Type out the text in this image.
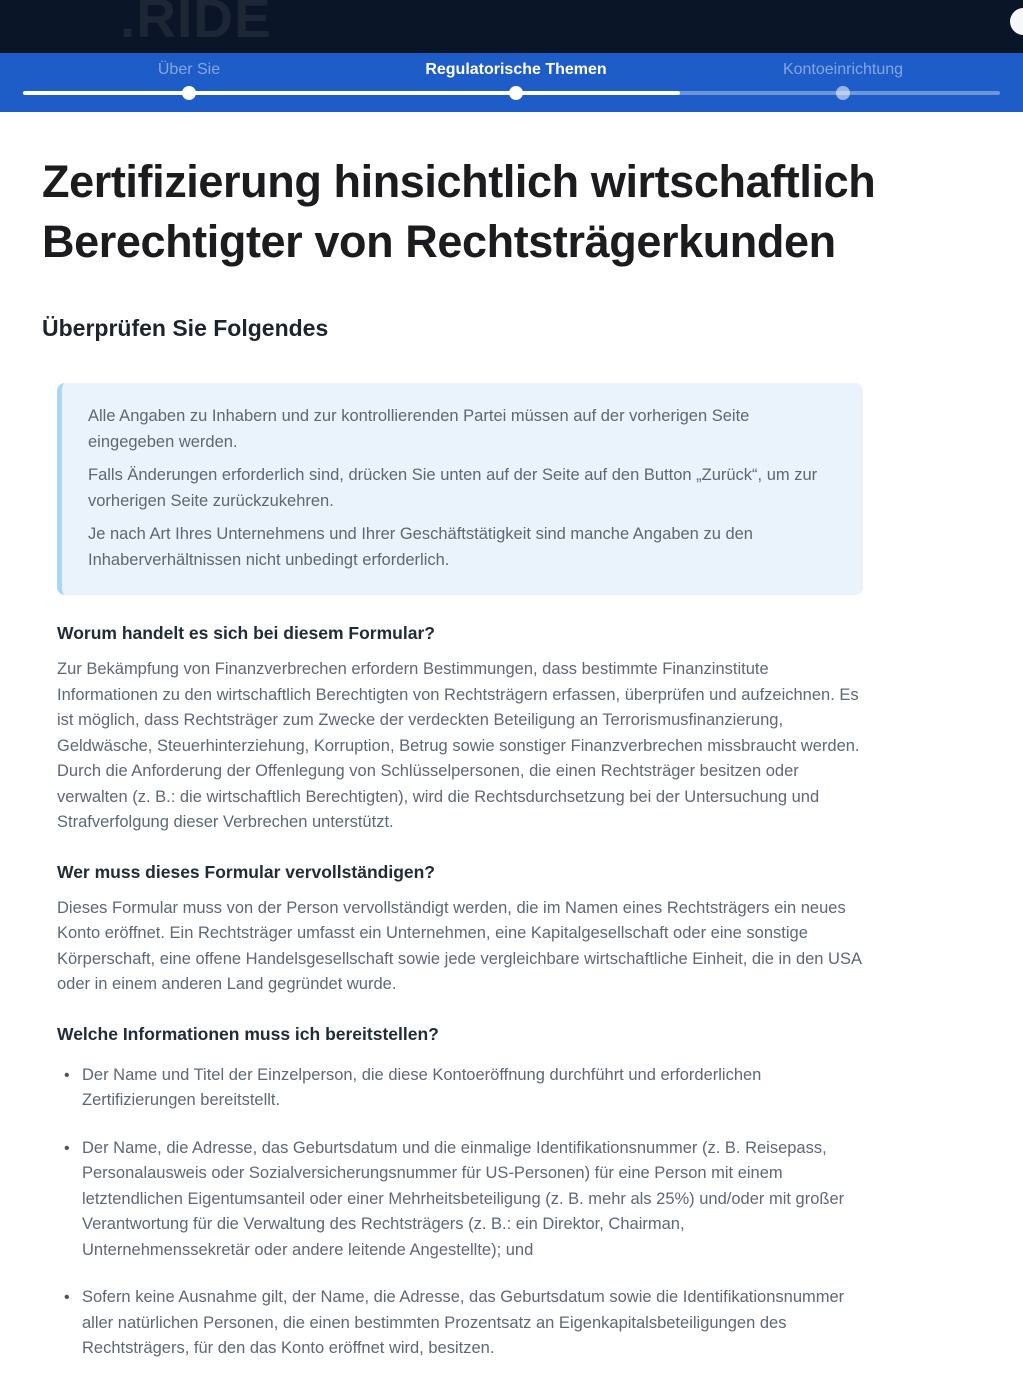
.RIDE
Über Sie	Regulatorische Themen	Kontoeinrichtung
Zertifizierung hinsichtlich wirtschaftlich
Berechtigter von Rechtsträgerkunden
Überprüfen Sie Folgendes

Alle Angaben zu Inhabern und zur kontrollierenden Partei müssen auf der vorherigen Seite eingegeben werden.

Falls Änderungen erforderlich sind, drücken Sie unten auf der Seite auf den Button „Zurück“, um zur vorherigen Seite zurückzukehren.

Je nach Art Ihres Unternehmens und Ihrer Geschäftstätigkeit sind manche Angaben zu den Inhaberverhältnissen nicht unbedingt erforderlich.

Worum handelt es sich bei diesem Formular?

Zur Bekämpfung von Finanzverbrechen erfordern Bestimmungen, dass bestimmte Finanzinstitute Informationen zu den wirtschaftlich Berechtigten von Rechtsträgern erfassen, überprüfen und aufzeichnen. Es ist möglich, dass Rechtsträger zum Zwecke der verdeckten Beteiligung an Terrorismusfinanzierung, Geldwäsche, Steuerhinterziehung, Korruption, Betrug sowie sonstiger Finanzverbrechen missbraucht werden. Durch die Anforderung der Offenlegung von Schlüsselpersonen, die einen Rechtsträger besitzen oder verwalten (z. B.: die wirtschaftlich Berechtigten), wird die Rechtsdurchsetzung bei der Untersuchung und Strafverfolgung dieser Verbrechen unterstützt.

Wer muss dieses Formular vervollständigen?

Dieses Formular muss von der Person vervollständigt werden, die im Namen eines Rechtsträgers ein neues Konto eröffnet. Ein Rechtsträger umfasst ein Unternehmen, eine Kapitalgesellschaft oder eine sonstige Körperschaft, eine offene Handelsgesellschaft sowie jede vergleichbare wirtschaftliche Einheit, die in den USA oder in einem anderen Land gegründet wurde.

Welche Informationen muss ich bereitstellen?
• Der Name und Titel der Einzelperson, die diese Kontoeröffnung durchführt und erforderlichen Zertifizierungen bereitstellt.
• Der Name, die Adresse, das Geburtsdatum und die einmalige Identifikationsnummer (z. B. Reisepass, Personalausweis oder Sozialversicherungsnummer für US-Personen) für eine Person mit einem letztendlichen Eigentumsanteil oder einer Mehrheitsbeteiligung (z. B. mehr als 25%) und/oder mit großer Verantwortung für die Verwaltung des Rechtsträgers (z. B.: ein Direktor, Chairman, Unternehmenssekretär oder andere leitende Angestellte); und
• Sofern keine Ausnahme gilt, der Name, die Adresse, das Geburtsdatum sowie die Identifikationsnummer aller natürlichen Personen, die einen bestimmten Prozentsatz an Eigenkapitalsbeteiligungen des Rechtsträgers, für den das Konto eröffnet wird, besitzen.
